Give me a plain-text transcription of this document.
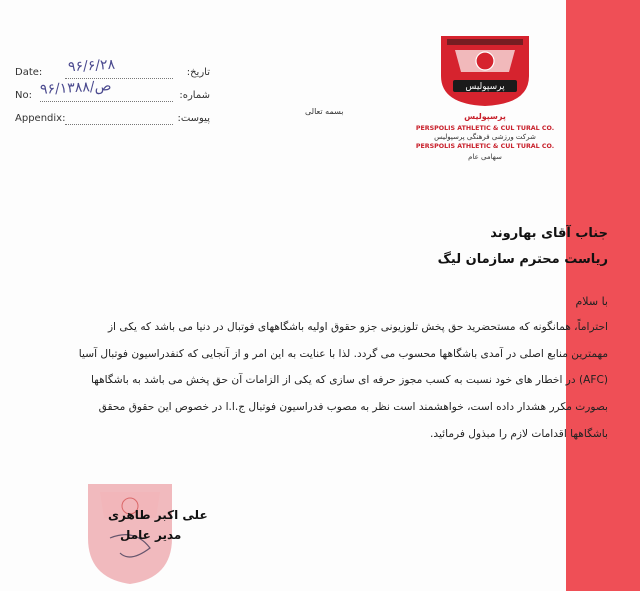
Date: ۹۶/۶/۲۸	تاریخ:
No: ۹۶/ص/۱۳۸۸
شماره:
Appendix:	پیوست:
بسمه تعالی
پرسپولیس
پرسپولیس
PERSPOLIS ATHLETIC & CUL TURAL CO.
شرکت ورزشی فرهنگی پرسپولیس
PERSPOLIS ATHLETIC & CUL TURAL CO.
سهامی عام
جناب آقای بهاروند
ریاست محترم سازمان لیگ
با سلام
احتراماً، همانگونه که مستحضرید حق پخش تلوزیونی جزو حقوق اولیه باشگاههای فوتبال در دنیا می باشد که یکی از
مهمترین منابع اصلی در آمدی باشگاهها محسوب می گردد. لذا با عنایت به این امر و از آنجایی که کنفدراسیون فوتبال آسیا
(AFC) در اخطار های خود نسبت به کسب مجوز حرفه ای سازی که یکی از الزامات آن حق پخش می باشد به باشگاهها
بصورت مکرر هشدار داده است، خواهشمند است نظر به مصوب فدراسیون فوتبال ج.ا.ا در خصوص این حقوق محقق
باشگاهها اقدامات لازم را مبذول فرمائید.
علی اکبر طاهری
مدیر عامل
